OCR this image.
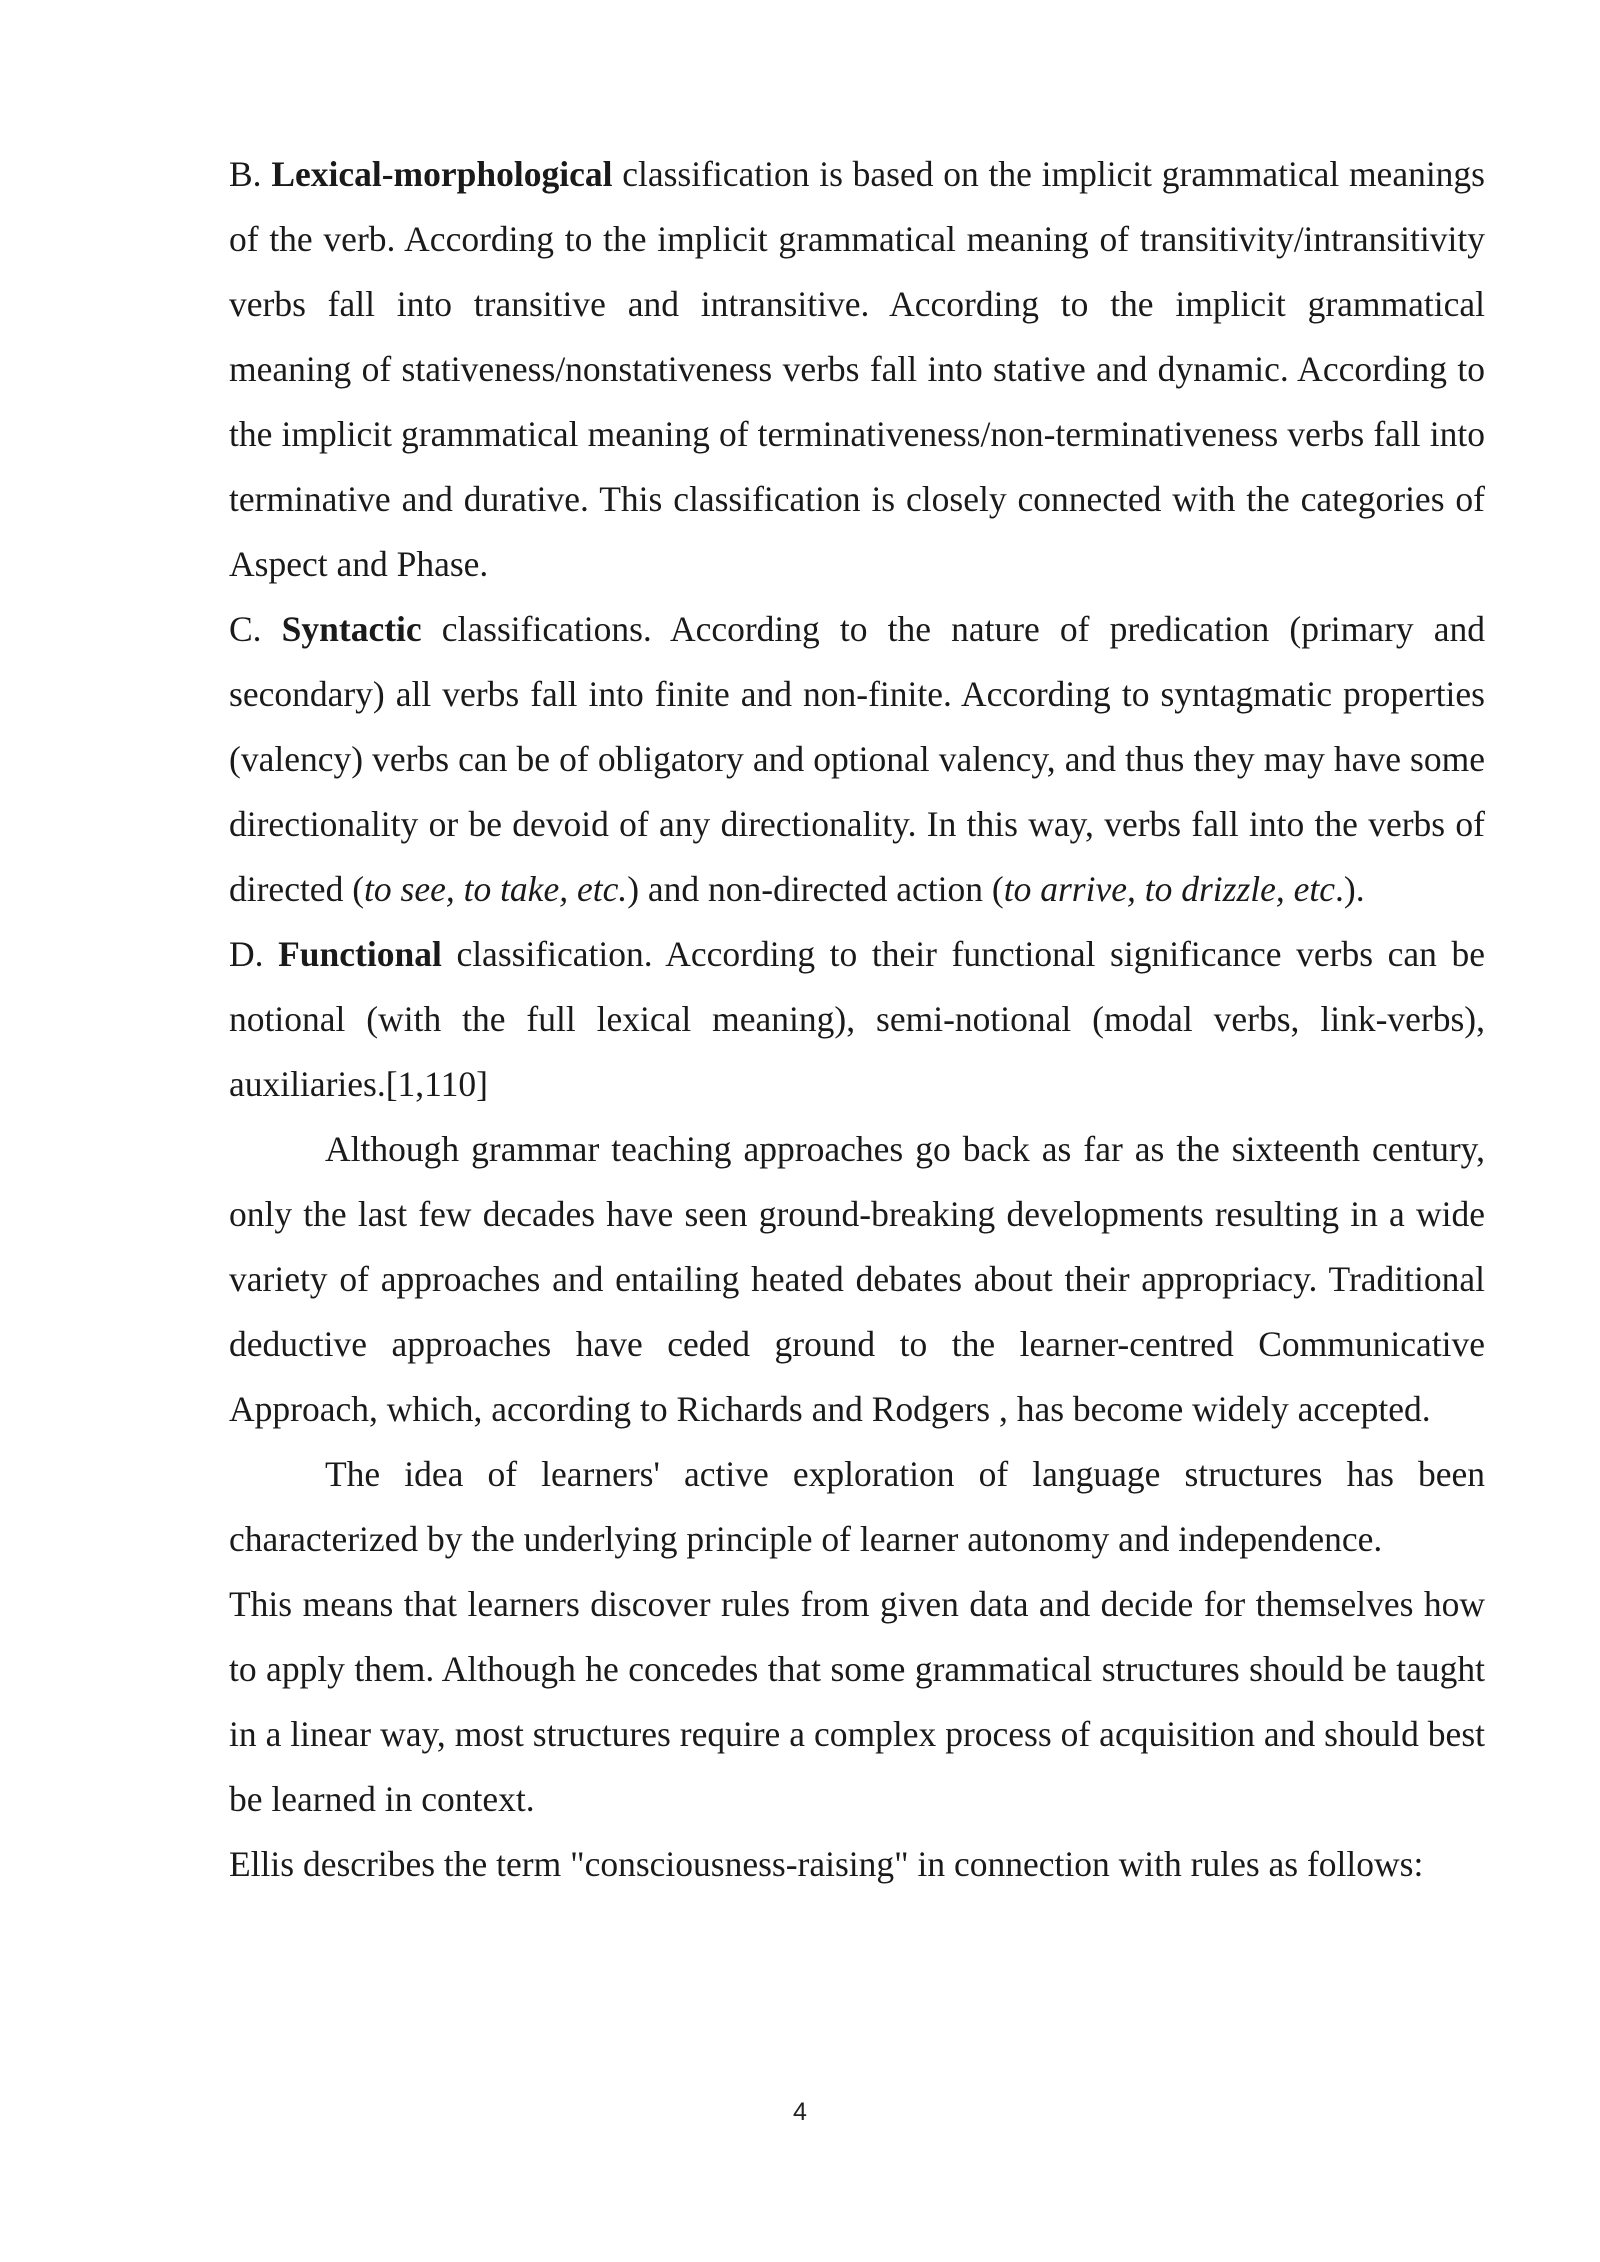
B. Lexical-morphological classification is based on the implicit grammatical meanings of the verb. According to the implicit grammatical meaning of transitivity/intransitivity verbs fall into transitive and intransitive. According to the implicit grammatical meaning of stativeness/nonstativeness verbs fall into stative and dynamic. According to the implicit grammatical meaning of terminativeness/non-terminativeness verbs fall into terminative and durative. This classification is closely connected with the categories of Aspect and Phase.

C. Syntactic classifications. According to the nature of predication (primary and secondary) all verbs fall into finite and non-finite. According to syntagmatic properties (valency) verbs can be of obligatory and optional valency, and thus they may have some directionality or be devoid of any directionality. In this way, verbs fall into the verbs of directed (to see, to take, etc.) and non-directed action (to arrive, to drizzle, etc.).

D. Functional classification. According to their functional significance verbs can be notional (with the full lexical meaning), semi-notional (modal verbs, link-verbs), auxiliaries.[1,110]

Although grammar teaching approaches go back as far as the sixteenth century, only the last few decades have seen ground-breaking developments resulting in a wide variety of approaches and entailing heated debates about their appropriacy. Traditional deductive approaches have ceded ground to the learner-centred Communicative Approach, which, according to Richards and Rodgers , has become widely accepted.

The idea of learners' active exploration of language structures has been characterized by the underlying principle of learner autonomy and independence.

This means that learners discover rules from given data and decide for themselves how to apply them. Although he concedes that some grammatical structures should be taught in a linear way, most structures require a complex process of acquisition and should best be learned in context.

Ellis describes the term "consciousness-raising" in connection with rules as follows:

4
